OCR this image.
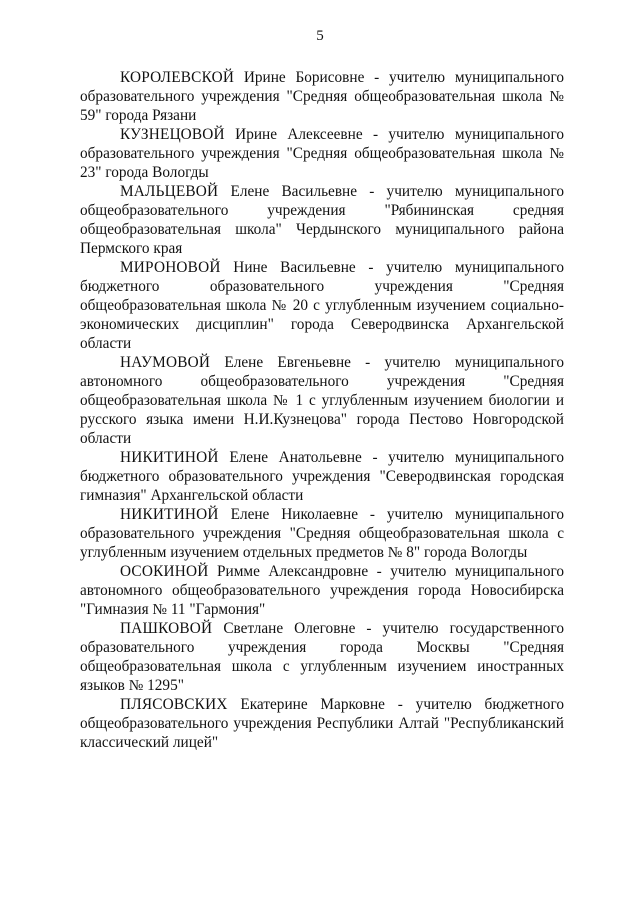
5

КОРОЛЕВСКОЙ Ирине Борисовне - учителю муниципального образовательного учреждения "Средняя общеобразовательная школа № 59" города Рязани

КУЗНЕЦОВОЙ Ирине Алексеевне - учителю муниципального образовательного учреждения "Средняя общеобразовательная школа № 23" города Вологды

МАЛЬЦЕВОЙ Елене Васильевне - учителю муниципального общеобразовательного учреждения "Рябининская средняя общеобразовательная школа" Чердынского муниципального района Пермского края

МИРОНОВОЙ Нине Васильевне - учителю муниципального бюджетного образовательного учреждения "Средняя общеобразовательная школа № 20 с углубленным изучением социально-экономических дисциплин" города Северодвинска Архангельской области

НАУМОВОЙ Елене Евгеньевне - учителю муниципального автономного общеобразовательного учреждения "Средняя общеобразовательная школа № 1 с углубленным изучением биологии и русского языка имени Н.И.Кузнецова" города Пестово Новгородской области

НИКИТИНОЙ Елене Анатольевне - учителю муниципального бюджетного образовательного учреждения "Северодвинская городская гимназия" Архангельской области

НИКИТИНОЙ Елене Николаевне - учителю муниципального образовательного учреждения "Средняя общеобразовательная школа с углубленным изучением отдельных предметов № 8" города Вологды

ОСОКИНОЙ Римме Александровне - учителю муниципального автономного общеобразовательного учреждения города Новосибирска "Гимназия № 11 "Гармония"

ПАШКОВОЙ Светлане Олеговне - учителю государственного образовательного учреждения города Москвы "Средняя общеобразовательная школа с углубленным изучением иностранных языков № 1295"

ПЛЯСОВСКИХ Екатерине Марковне - учителю бюджетного общеобразовательного учреждения Республики Алтай "Республиканский классический лицей"
